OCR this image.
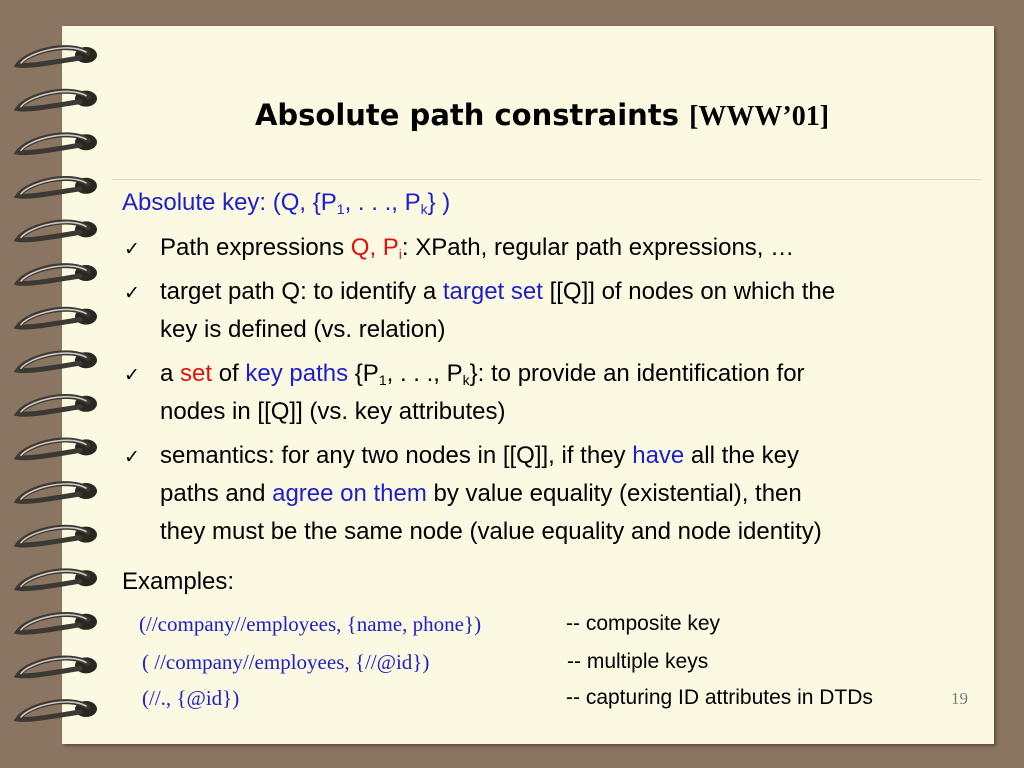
Absolute path constraints [WWW’01]
Absolute key: (Q, {$P_1$, . . ., $P_k$} )
✓ Path expressions Q, $P_i$: XPath, regular path expressions, …
✓ target path Q: to identify a target set [[Q]] of nodes on which the
key is defined (vs. relation)
✓ a set of key paths {$P_1$, . . ., $P_k$}: to provide an identification for
nodes in [[Q]] (vs. key attributes)
✓ semantics: for any two nodes in [[Q]], if they have all the key
paths and agree on them by value equality (existential), then
they must be the same node (value equality and node identity)
Examples:
(//company//employees, {name, phone})	-- composite key
( //company//employees, {//@id})	-- multiple keys
(//., {@id})	-- capturing ID attributes in DTDs	19
